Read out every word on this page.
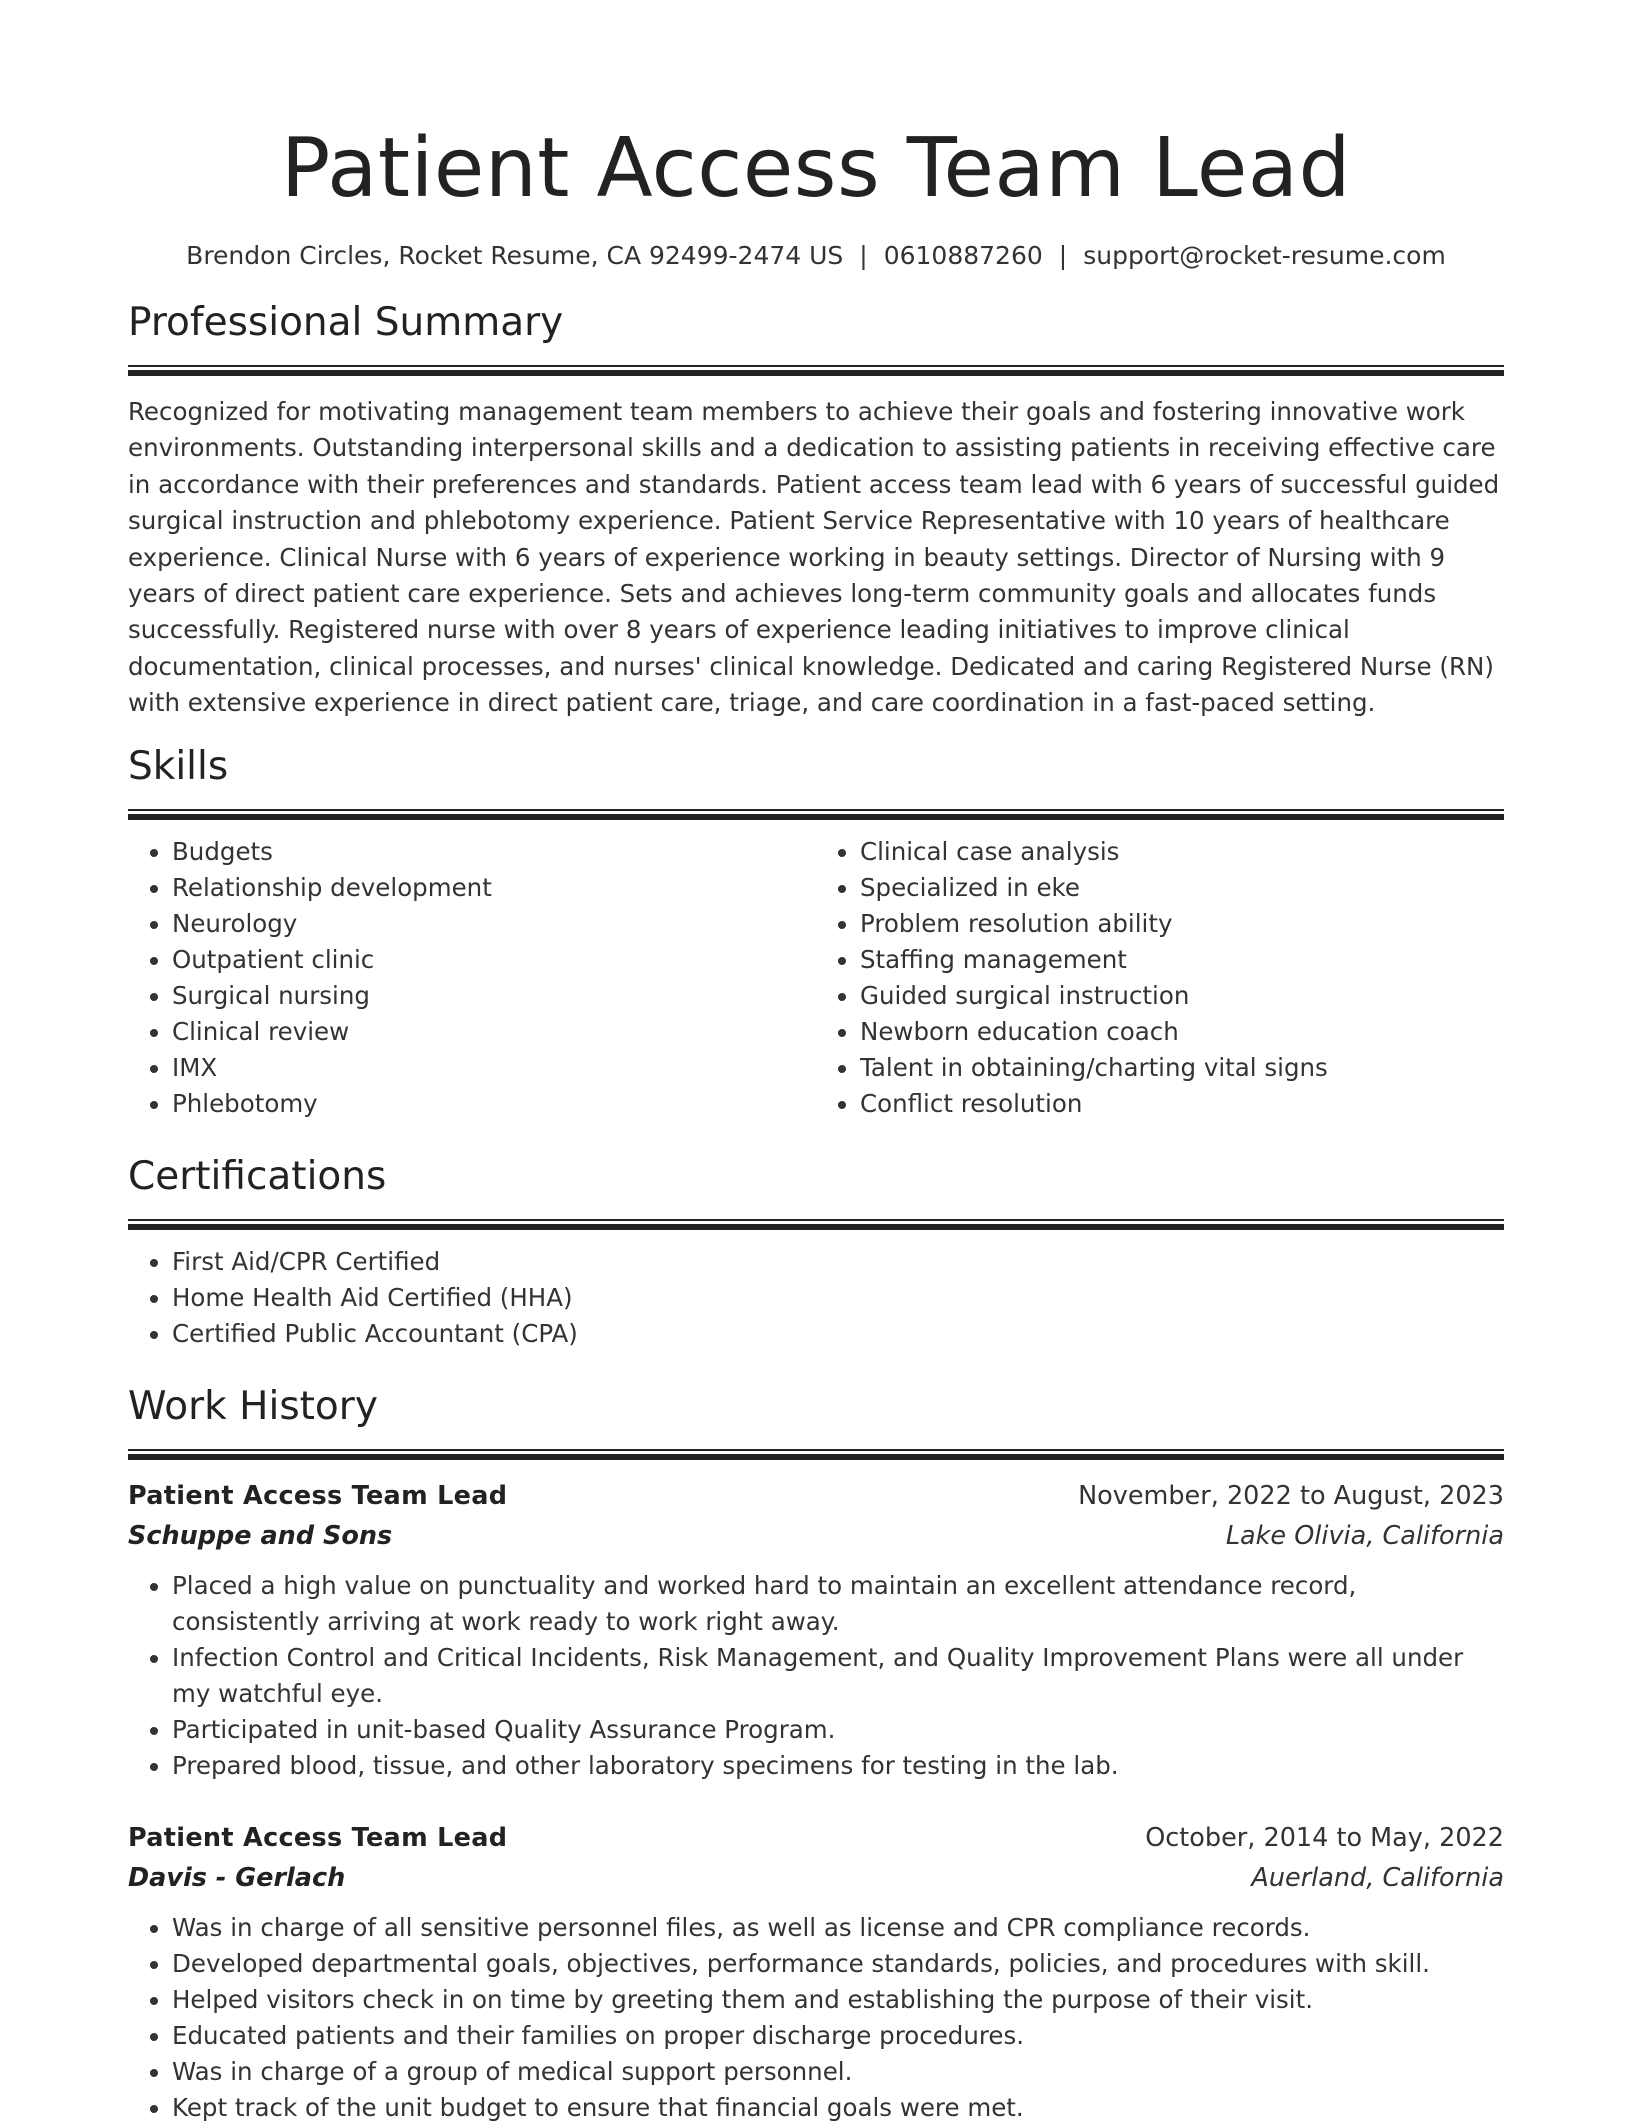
Patient Access Team Lead
Brendon Circles, Rocket Resume, CA 92499-2474 US | 0610887260 | support@rocket-resume.com
Professional Summary

Recognized for motivating management team members to achieve their goals and fostering innovative work environments. Outstanding interpersonal skills and a dedication to assisting patients in receiving effective care in accordance with their preferences and standards. Patient access team lead with 6 years of successful guided surgical instruction and phlebotomy experience. Patient Service Representative with 10 years of healthcare experience. Clinical Nurse with 6 years of experience working in beauty settings. Director of Nursing with 9 years of direct patient care experience. Sets and achieves long-term community goals and allocates funds successfully. Registered nurse with over 8 years of experience leading initiatives to improve clinical documentation, clinical processes, and nurses' clinical knowledge. Dedicated and caring Registered Nurse (RN) with extensive experience in direct patient care, triage, and care coordination in a fast-paced setting.

Skills
• Budgets
• Relationship development
• Neurology
• Outpatient clinic
• Surgical nursing
• Clinical review
• IMX
• Phlebotomy
• Clinical case analysis
• Specialized in eke
• Problem resolution ability
• Staffing management
• Guided surgical instruction
• Newborn education coach
• Talent in obtaining/charting vital signs
• Conflict resolution
Certifications
• First Aid/CPR Certified
• Home Health Aid Certified (HHA)
• Certified Public Accountant (CPA)
Work History
Patient Access Team Lead	November, 2022 to August, 2023
Schuppe and Sons	Lake Olivia, California
• Placed a high value on punctuality and worked hard to maintain an excellent attendance record, consistently arriving at work ready to work right away.
• Infection Control and Critical Incidents, Risk Management, and Quality Improvement Plans were all under my watchful eye.
• Participated in unit-based Quality Assurance Program.
• Prepared blood, tissue, and other laboratory specimens for testing in the lab.
Patient Access Team Lead	October, 2014 to May, 2022
Davis - Gerlach	Auerland, California
• Was in charge of all sensitive personnel files, as well as license and CPR compliance records.
• Developed departmental goals, objectives, performance standards, policies, and procedures with skill.
• Helped visitors check in on time by greeting them and establishing the purpose of their visit.
• Educated patients and their families on proper discharge procedures.
• Was in charge of a group of medical support personnel.
• Kept track of the unit budget to ensure that financial goals were met.
